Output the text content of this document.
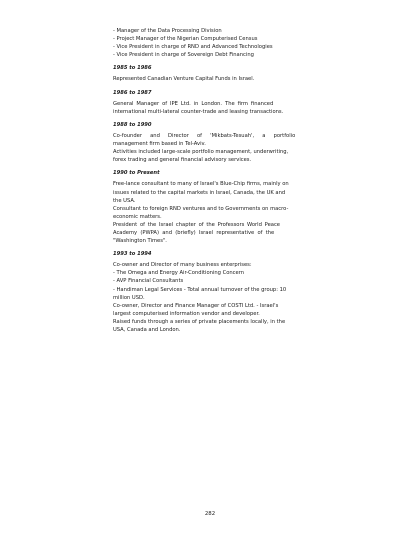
- Manager of the Data Processing Division
- Project Manager of the Nigerian Computerised Census
- Vice President in charge of RND and Advanced Technologies
- Vice President in charge of Sovereign Debt Financing
1985 to 1986
Represented Canadian Venture Capital Funds in Israel.
1986 to 1987
General Manager of IPE Ltd. in London. The firm financed
international multi-lateral counter-trade and leasing transactions.
1988 to 1990
Co-founder and Director of 'Mikbats-Tesuah', a portfolio
management firm based in Tel-Aviv.
Activities included large-scale portfolio management, underwriting,
forex trading and general financial advisory services.
1990 to Present
Free-lance consultant to many of Israel's Blue-Chip firms, mainly on
issues related to the capital markets in Israel, Canada, the UK and
the USA.
Consultant to foreign RND ventures and to Governments on macro-
economic matters.
President of the Israel chapter of the Professors World Peace
Academy (PWPA) and (briefly) Israel representative of the
"Washington Times".
1993 to 1994
Co-owner and Director of many business enterprises:
- The Omega and Energy Air-Conditioning Concern
- AVP Financial Consultants
- Handiman Legal Services - Total annual turnover of the group: 10
million USD.
Co-owner, Director and Finance Manager of COSTI Ltd. - Israel's
largest computerised information vendor and developer.
Raised funds through a series of private placements locally, in the
USA, Canada and London.
282
